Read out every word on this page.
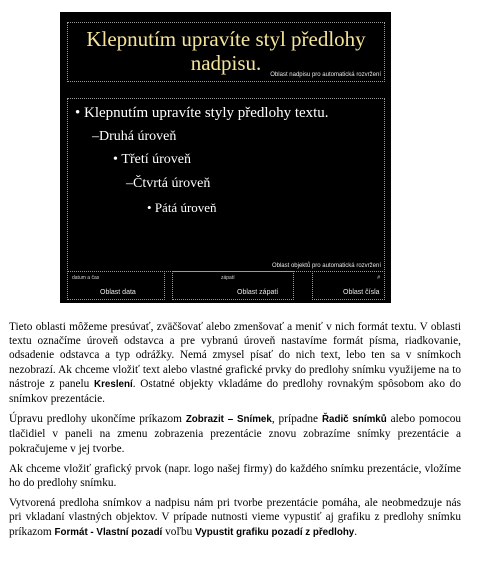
Klepnutím upravíte styl předlohy nadpisu.	Oblast nadpisu pro automatická rozvržení
• Klepnutím upravíte styly předlohy textu.
–Druhá úroveň
• Třetí úroveň
–Čtvrtá úroveň
• Pátá úroveň
Oblast objektů pro automatická rozvržení
datum a čas
Oblast data
zápatí
Oblast zápatí
#
Oblast čísla

Tieto oblasti môžeme presúvať, zväčšovať alebo zmenšovať a meniť v nich formát textu. V oblasti textu označíme úroveň odstavca a pre vybranú úroveň nastavíme formát písma, riadkovanie, odsadenie odstavca a typ odrážky. Nemá zmysel písať do nich text, lebo ten sa v snímkoch nezobrazí. Ak chceme vložiť text alebo vlastné grafické prvky do predlohy snímku využijeme na to nástroje z panelu Kreslení. Ostatné objekty vkladáme do predlohy rovnakým spôsobom ako do snímkov prezentácie.

Úpravu predlohy ukončíme príkazom Zobrazit – Snímek, prípadne Řadič snímků alebo pomocou tlačidiel v paneli na zmenu zobrazenia prezentácie znovu zobrazíme snímky prezentácie a pokračujeme v jej tvorbe.

Ak chceme vložiť grafický prvok (napr. logo našej firmy) do každého snímku prezentácie, vložíme ho do predlohy snímku.

Vytvorená predloha snímkov a nadpisu nám pri tvorbe prezentácie pomáha, ale neobmedzuje nás pri vkladaní vlastných objektov. V prípade nutnosti vieme vypustiť aj grafiku z predlohy snímku príkazom Formát - Vlastní pozadí voľbu Vypustit grafiku pozadí z předlohy.
